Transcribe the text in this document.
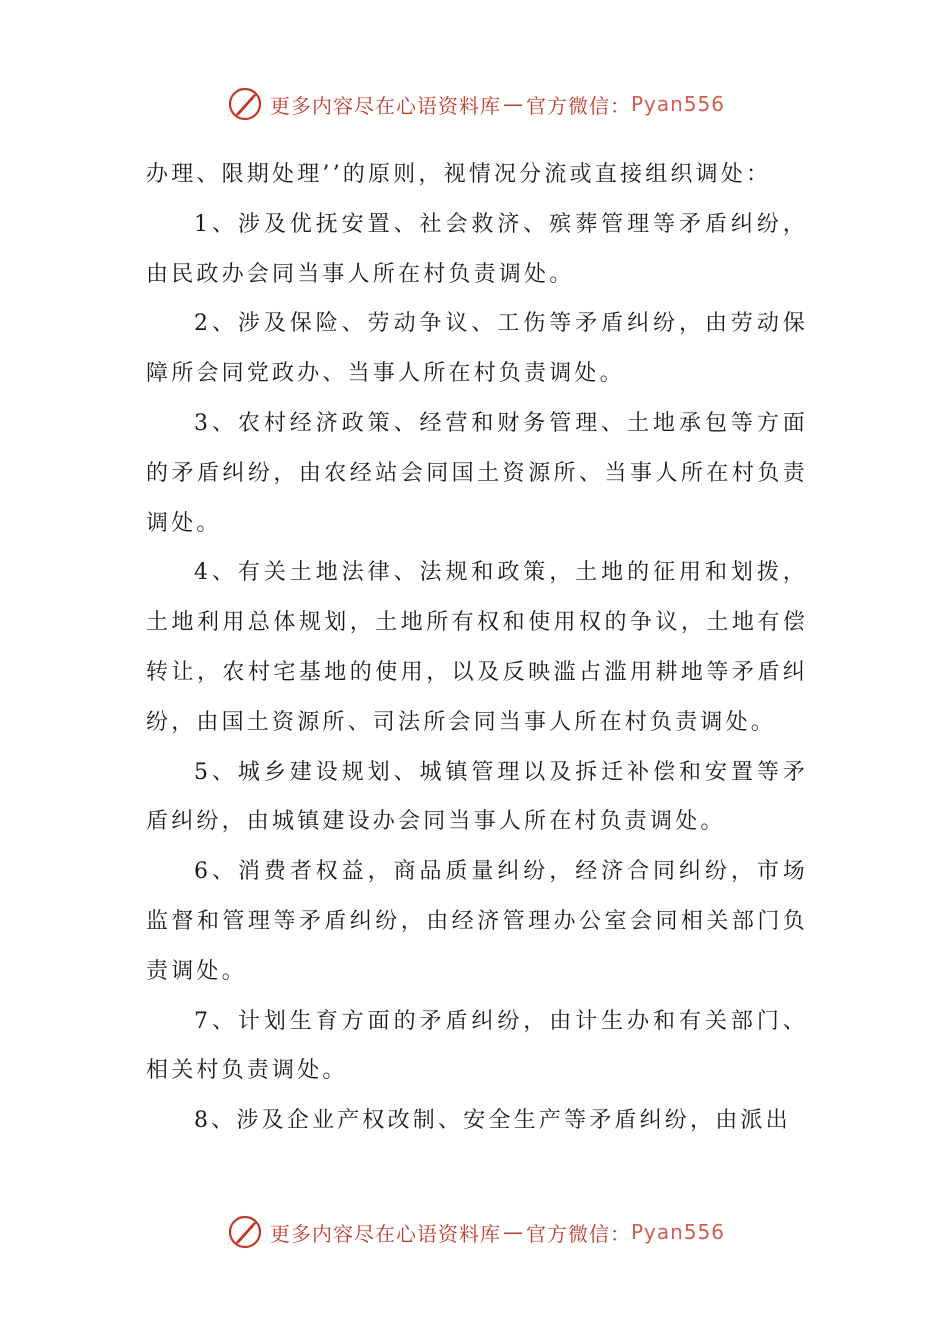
更多内容尽在心语资料库 — 官方微信： Pyan556

办理、限期处理’’的原则，视情况分流或直接组织调处：

1、涉及优抚安置、社会救济、殡葬管理等矛盾纠纷，由民政办会同当事人所在村负责调处。

2、涉及保险、劳动争议、工伤等矛盾纠纷，由劳动保障所会同党政办、当事人所在村负责调处。

3、农村经济政策、经营和财务管理、土地承包等方面的矛盾纠纷，由农经站会同国土资源所、当事人所在村负责调处。

4、有关土地法律、法规和政策，土地的征用和划拨，土地利用总体规划，土地所有权和使用权的争议，土地有偿转让，农村宅基地的使用，以及反映滥占滥用耕地等矛盾纠纷，由国土资源所、司法所会同当事人所在村负责调处。

5、城乡建设规划、城镇管理以及拆迁补偿和安置等矛盾纠纷，由城镇建设办会同当事人所在村负责调处。

6、消费者权益，商品质量纠纷，经济合同纠纷，市场监督和管理等矛盾纠纷，由经济管理办公室会同相关部门负责调处。

7、计划生育方面的矛盾纠纷，由计生办和有关部门、相关村负责调处。

8、涉及企业产权改制、安全生产等矛盾纠纷，由派出

更多内容尽在心语资料库 — 官方微信： Pyan556
